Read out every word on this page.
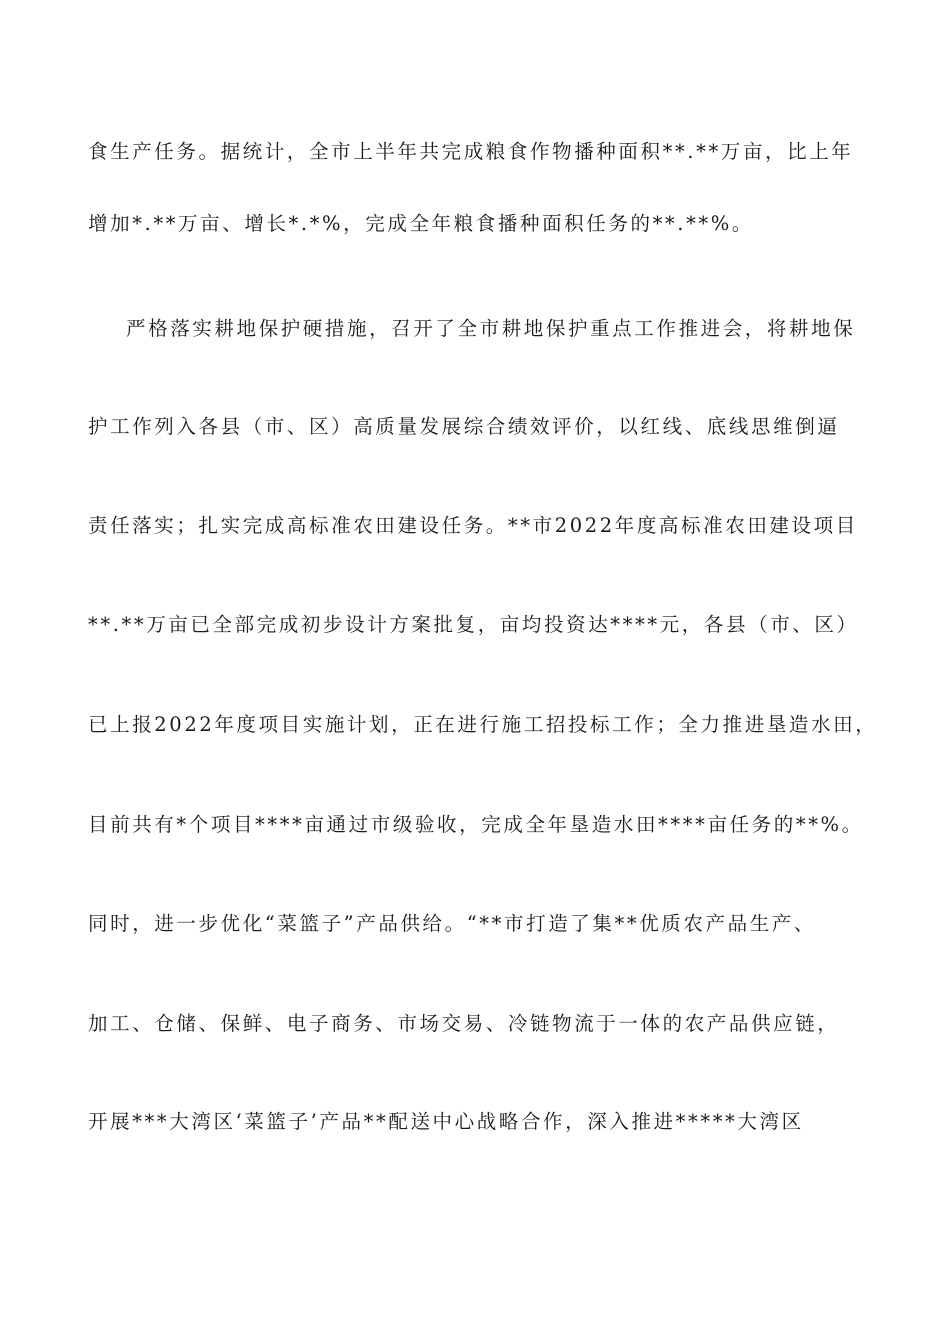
食生产任务。据统计，全市上半年共完成粮食作物播种面积**.**万亩，比上年
增加*.**万亩、增长*.*%，完成全年粮食播种面积任务的**.**%。
严格落实耕地保护硬措施，召开了全市耕地保护重点工作推进会，将耕地保
护工作列入各县（市、区）高质量发展综合绩效评价，以红线、底线思维倒逼
责任落实；扎实完成高标准农田建设任务。**市2022年度高标准农田建设项目
**.**万亩已全部完成初步设计方案批复，亩均投资达****元，各县（市、区）
已上报2022年度项目实施计划，正在进行施工招投标工作；全力推进垦造水田，
目前共有*个项目****亩通过市级验收，完成全年垦造水田****亩任务的**%。
同时，进一步优化“菜篮子”产品供给。“**市打造了集**优质农产品生产、
加工、仓储、保鲜、电子商务、市场交易、冷链物流于一体的农产品供应链，
开展***大湾区‘菜篮子’产品**配送中心战略合作，深入推进*****大湾区
